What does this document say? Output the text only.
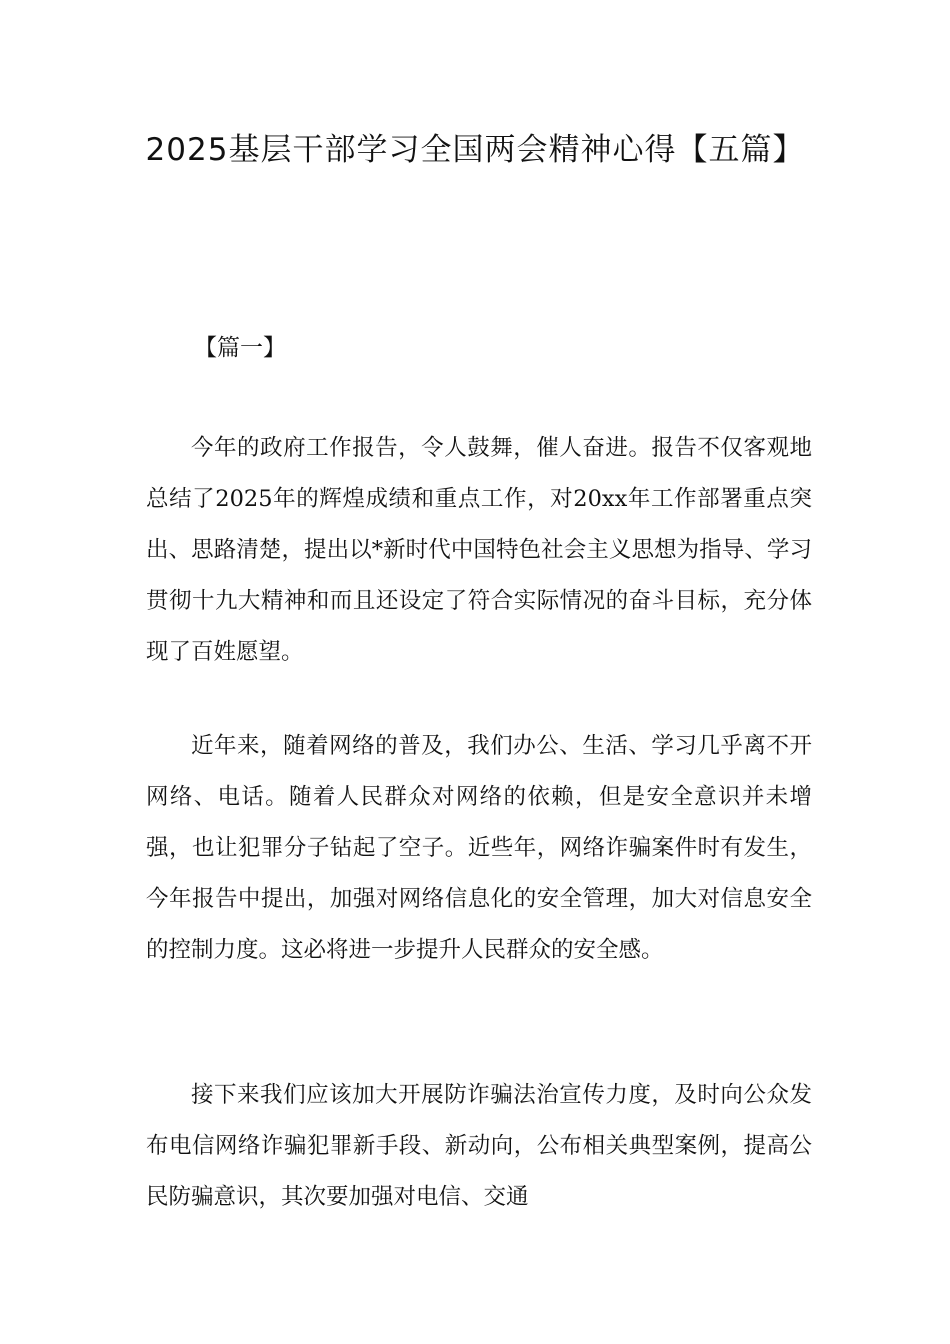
2025基层干部学习全国两会精神心得【五篇】

【篇一】

今年的政府工作报告，令人鼓舞，催人奋进。报告不仅客观地总结了2025年的辉煌成绩和重点工作，对20xx年工作部署重点突出、思路清楚，提出以*新时代中国特色社会主义思想为指导、学习贯彻十九大精神和而且还设定了符合实际情况的奋斗目标，充分体现了百姓愿望。

近年来，随着网络的普及，我们办公、生活、学习几乎离不开网络、电话。随着人民群众对网络的依赖，但是安全意识并未增强，也让犯罪分子钻起了空子。近些年，网络诈骗案件时有发生，今年报告中提出，加强对网络信息化的安全管理，加大对信息安全的控制力度。这必将进一步提升人民群众的安全感。

接下来我们应该加大开展防诈骗法治宣传力度，及时向公众发布电信网络诈骗犯罪新手段、新动向，公布相关典型案例，提高公民防骗意识，其次要加强对电信、交通
